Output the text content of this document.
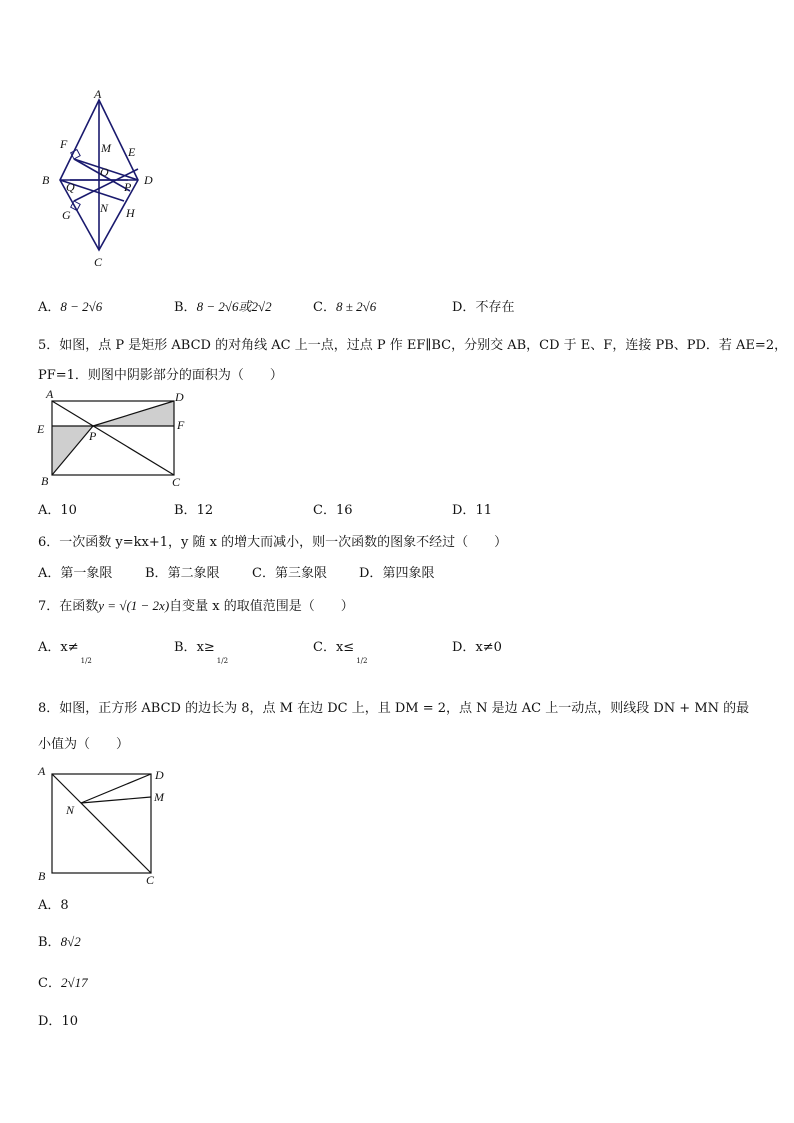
A
F	M E
B
O
D
Q	P
G N H
C
A．8 − 2√6	B．8 − 2√6或2√2	C．8 ± 2√6	D．不存在
5．如图，点 P 是矩形 ABCD 的对角线 AC 上一点，过点 P 作 EF∥BC，分别交 AB，CD 于 E、F，连接 PB、PD．若 AE=2，
PF=1．则图中阴影部分的面积为（　　）
A	D
E	F
P
B	C
A．10	B．12	C．16	D．11
6．一次函数 y=kx+1，y 随 x 的增大而减小，则一次函数的图象不经过（　　）
A．第一象限	B．第二象限 C．第三象限 D．第四象限
7．在函数y = √(1 − 2x)自变量 x 的取值范围是（　　）
A．x≠1/2
B．x≥1/2
C．x≤1/2
D．x≠0
8．如图，正方形 ABCD 的边长为 8，点 M 在边 DC 上，且 DM = 2，点 N 是边 AC 上一动点，则线段 DN + MN 的最
小值为（　　）
A	D
M
N
B	C
A．8
B．8√2
C．2√17
D．10
